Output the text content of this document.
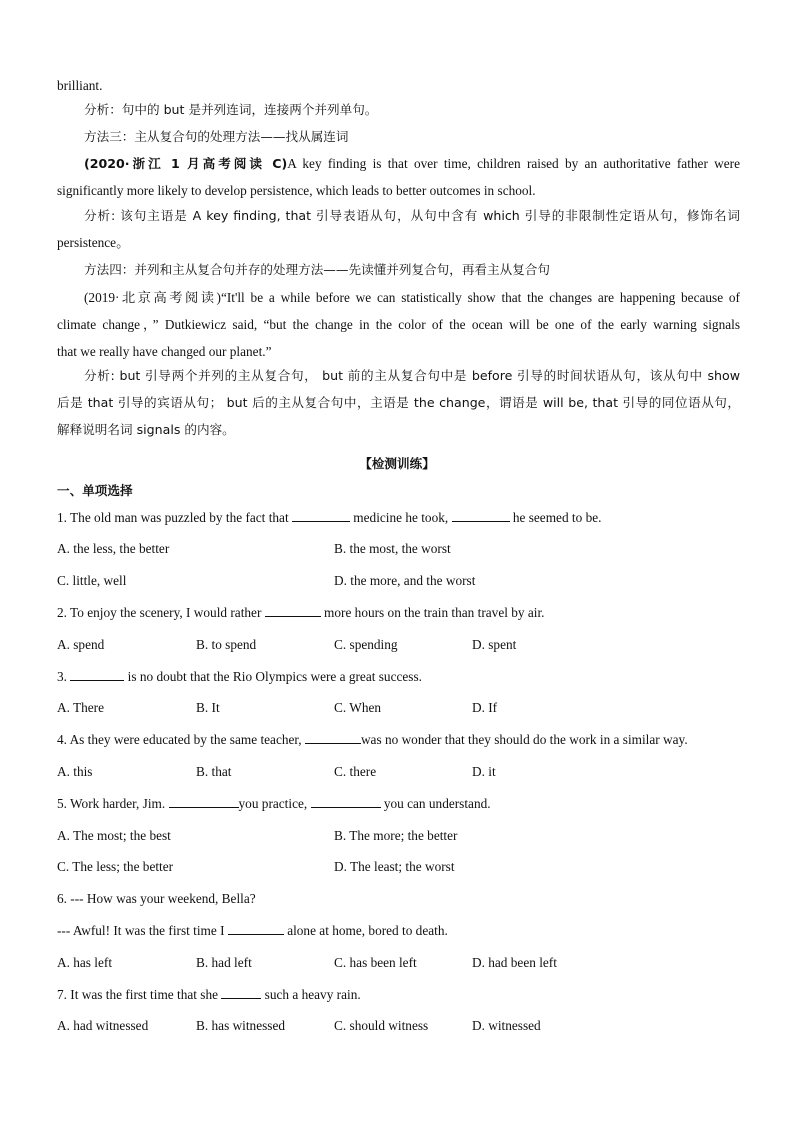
brilliant.
分析：句中的 but 是并列连词，连接两个并列单句。
方法三：主从复合句的处理方法——找从属连词
(2020·浙江 1 月高考阅读 C)A key finding is that over time, children raised by an authoritative father were
significantly more likely to develop persistence, which leads to better outcomes in school.
分析: 该句主语是 A key finding, that 引导表语从句，从句中含有 which 引导的非限制性定语从句，修饰名词
persistence。
方法四：并列和主从复合句并存的处理方法——先读懂并列复合句，再看主从复合句
(2019·北京高考阅读)“It'll be a while before we can statistically show that the changes are happening because of
climate change，” Dutkiewicz said, “but the change in the color of the ocean will be one of the early warning signals
that we really have changed our planet.”
分析: but 引导两个并列的主从复合句， but 前的主从复合句中是 before 引导的时间状语从句，该从句中 show
后是 that 引导的宾语从句； but 后的主从复合句中，主语是 the change，谓语是 will be, that 引导的同位语从句，
解释说明名词 signals 的内容。
【检测训练】
一、单项选择
1. The old man was puzzled by the fact that	medicine he took,	he seemed to be.
A. the less, the better	B. the most, the worst
C. little, well	D. the more, and the worst
2. To enjoy the scenery, I would rather	more hours on the train than travel by air.
A. spend	B. to spend	C. spending	D. spent
3.	is no doubt that the Rio Olympics were a great success.
A. There	B. It	C. When	D. If
4. As they were educated by the same teacher,	was no wonder that they should do the work in a similar way.
A. this	B. that	C. there	D. it
5. Work harder, Jim.	you practice,	you can understand.
A. The most; the best	B. The more; the better
C. The less; the better	D. The least; the worst
6. --- How was your weekend, Bella?
--- Awful! It was the first time I	alone at home, bored to death.
A. has left	B. had left	C. has been left	D. had been left
7. It was the first time that she	such a heavy rain.
A. had witnessed	B. has witnessed	C. should witness	D. witnessed
